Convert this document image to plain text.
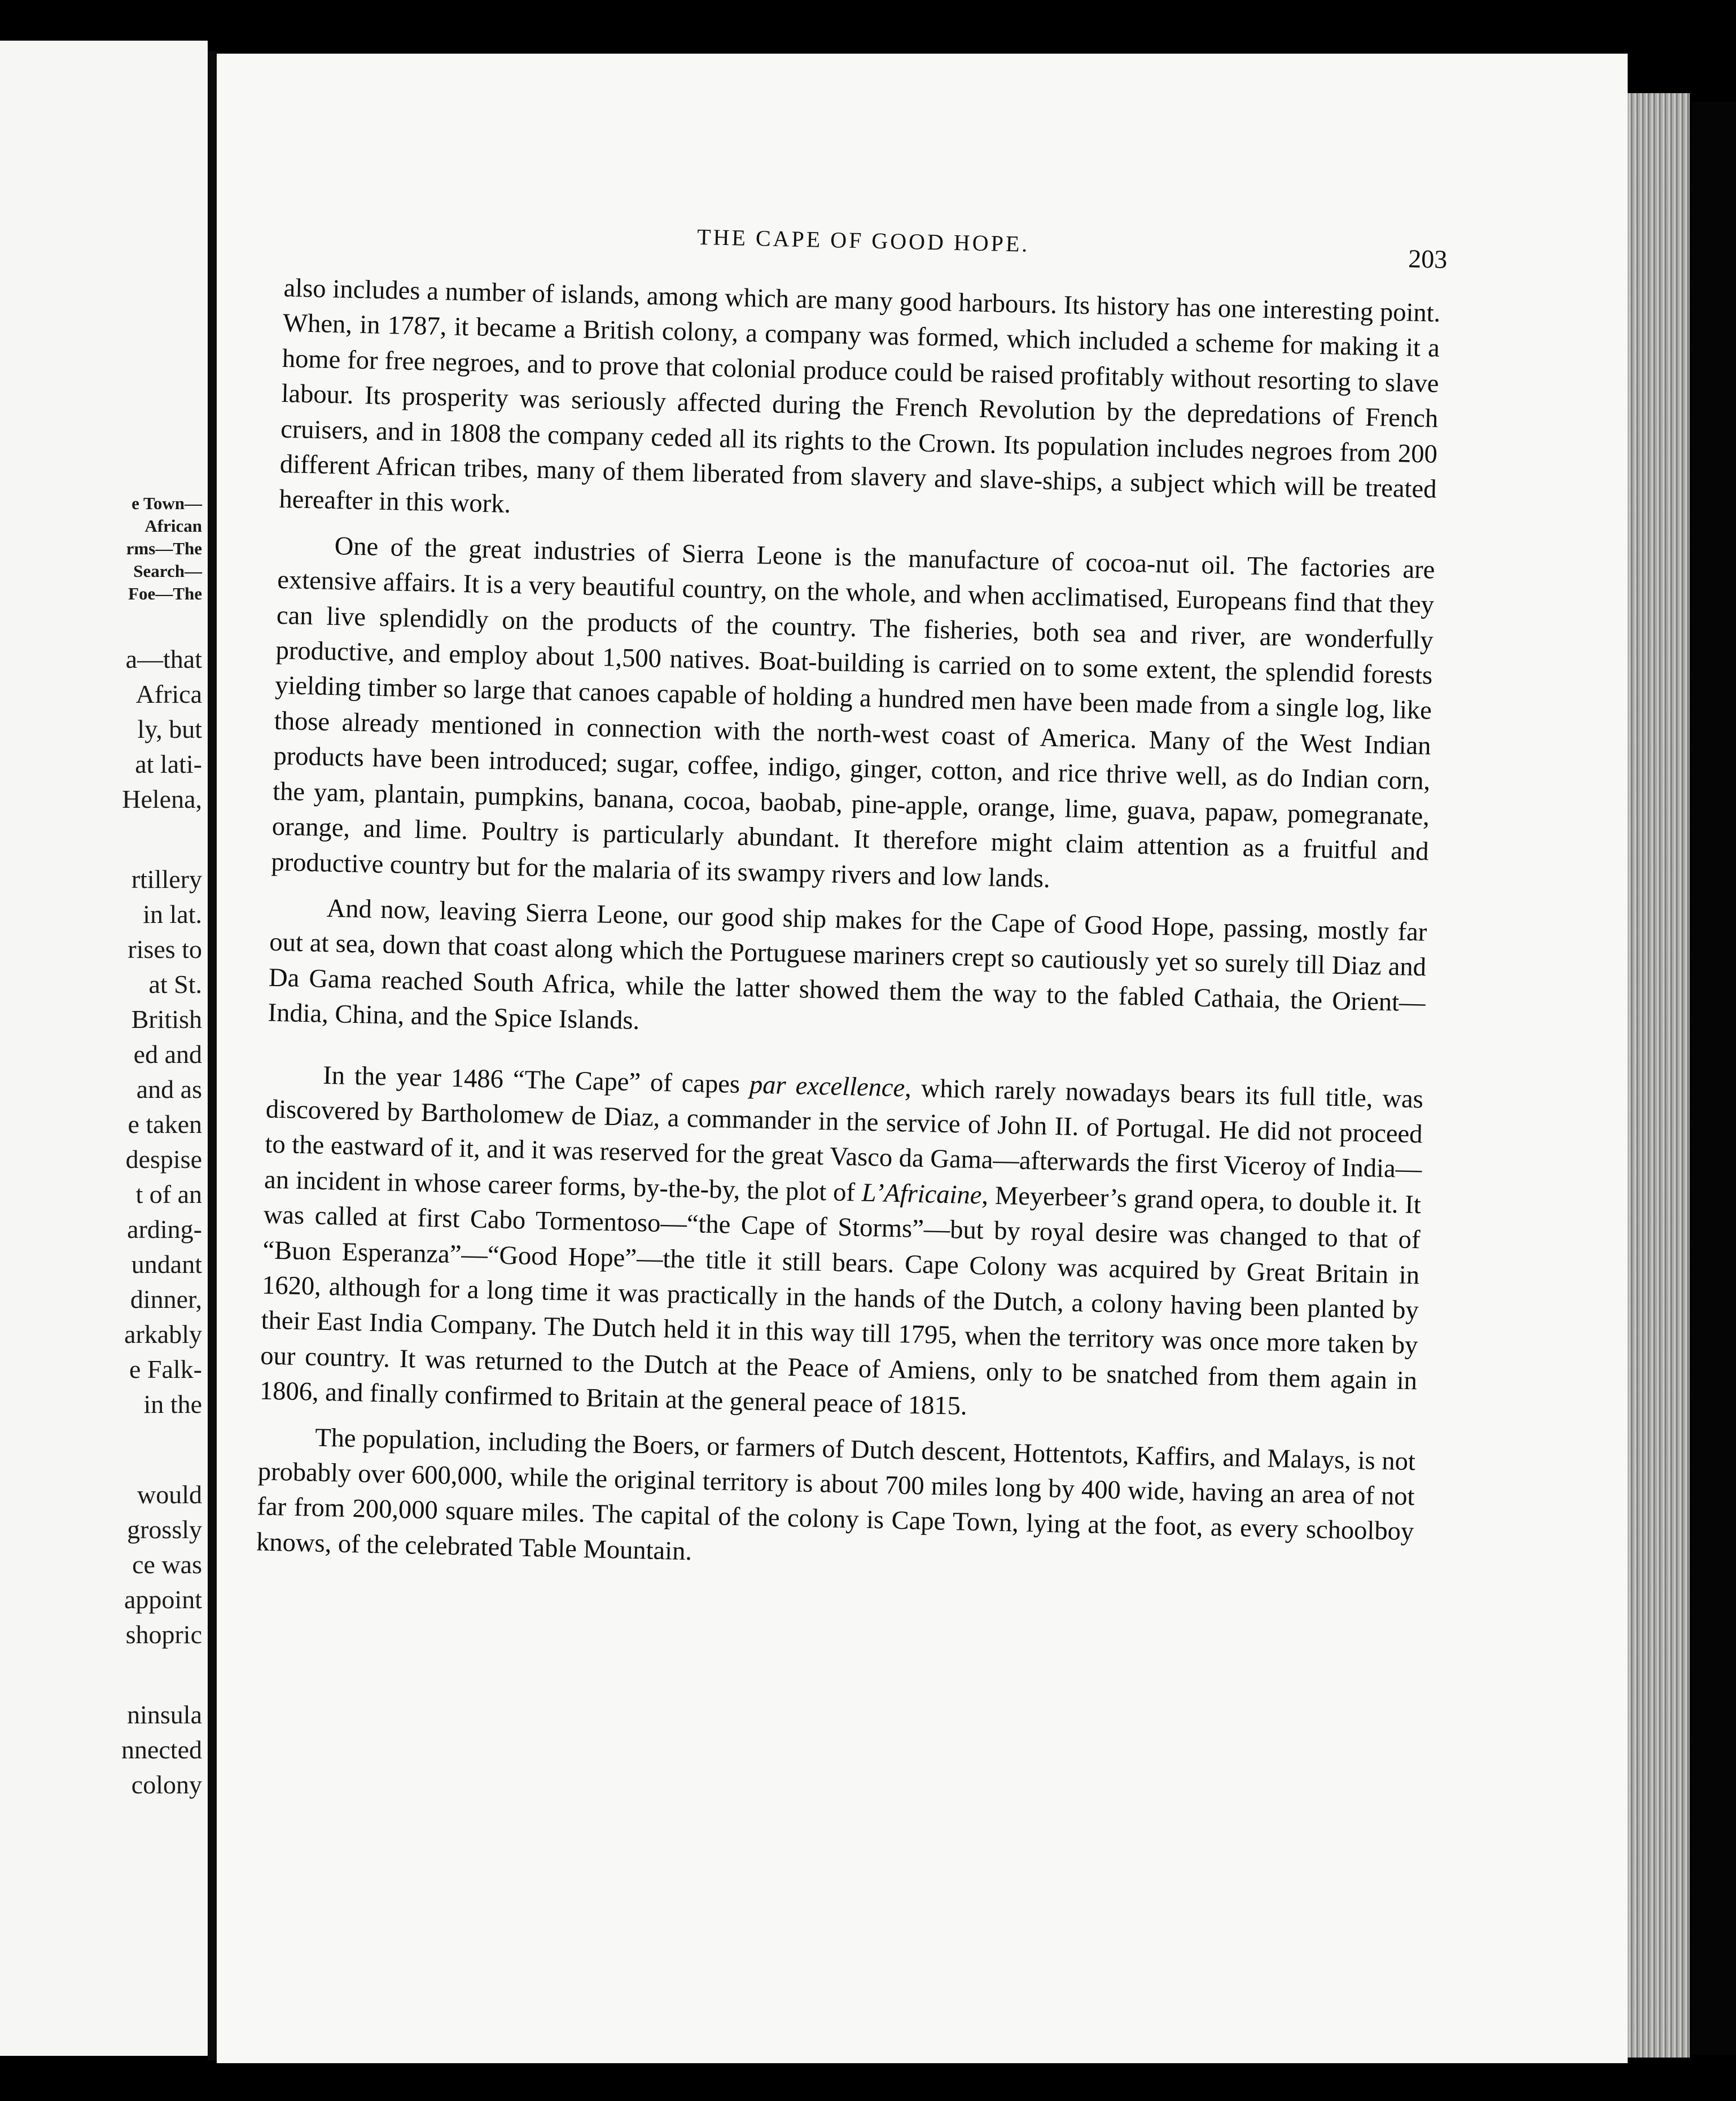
e Town—
African
rms—The
Search—
Foe—The
a—that
Africa
ly, but
at lati-
Helena,
rtillery
in lat.
rises to
at St.
British
ed and
and as
e taken
despise
t of an
arding-
undant
dinner,
arkably
e Falk-
in the
would
grossly
ce was
appoint
shopric
ninsula
nnected
colony
THE CAPE OF GOOD HOPE.
203

also includes a number of islands, among which are many good harbours. Its history has one interesting point. When, in 1787, it became a British colony, a company was formed, which included a scheme for making it a home for free negroes, and to prove that colonial produce could be raised profitably without resorting to slave labour. Its prosperity was seriously affected during the French Revolution by the depredations of French cruisers, and in 1808 the company ceded all its rights to the Crown. Its population includes negroes from 200 different African tribes, many of them liberated from slavery and slave-ships, a subject which will be treated hereafter in this work.

One of the great industries of Sierra Leone is the manufacture of cocoa-nut oil. The factories are extensive affairs. It is a very beautiful country, on the whole, and when acclimatised, Europeans find that they can live splendidly on the products of the country. The fisheries, both sea and river, are wonderfully productive, and employ about 1,500 natives. Boat-building is carried on to some extent, the splendid forests yielding timber so large that canoes capable of holding a hundred men have been made from a single log, like those already mentioned in connection with the north-west coast of America. Many of the West Indian products have been introduced; sugar, coffee, indigo, ginger, cotton, and rice thrive well, as do Indian corn, the yam, plantain, pumpkins, banana, cocoa, baobab, pine-apple, orange, lime, guava, papaw, pomegranate, orange, and lime. Poultry is particularly abundant. It therefore might claim attention as a fruitful and productive country but for the malaria of its swampy rivers and low lands.

And now, leaving Sierra Leone, our good ship makes for the Cape of Good Hope, passing, mostly far out at sea, down that coast along which the Portuguese mariners crept so cautiously yet so surely till Diaz and Da Gama reached South Africa, while the latter showed them the way to the fabled Cathaia, the Orient—India, China, and the Spice Islands.

In the year 1486 “The Cape” of capes par excellence, which rarely nowadays bears its full title, was discovered by Bartholomew de Diaz, a commander in the service of John II. of Portugal. He did not proceed to the eastward of it, and it was reserved for the great Vasco da Gama—afterwards the first Viceroy of India—an incident in whose career forms, by-the-by, the plot of L’Africaine, Meyerbeer’s grand opera, to double it. It was called at first Cabo Tormentoso—“the Cape of Storms”—but by royal desire was changed to that of “Buon Esperanza”—“Good Hope”—the title it still bears. Cape Colony was acquired by Great Britain in 1620, although for a long time it was practically in the hands of the Dutch, a colony having been planted by their East India Company. The Dutch held it in this way till 1795, when the territory was once more taken by our country. It was returned to the Dutch at the Peace of Amiens, only to be snatched from them again in 1806, and finally confirmed to Britain at the general peace of 1815.

The population, including the Boers, or farmers of Dutch descent, Hottentots, Kaffirs, and Malays, is not probably over 600,000, while the original territory is about 700 miles long by 400 wide, having an area of not far from 200,000 square miles. The capital of the colony is Cape Town, lying at the foot, as every schoolboy knows, of the celebrated Table Mountain.
